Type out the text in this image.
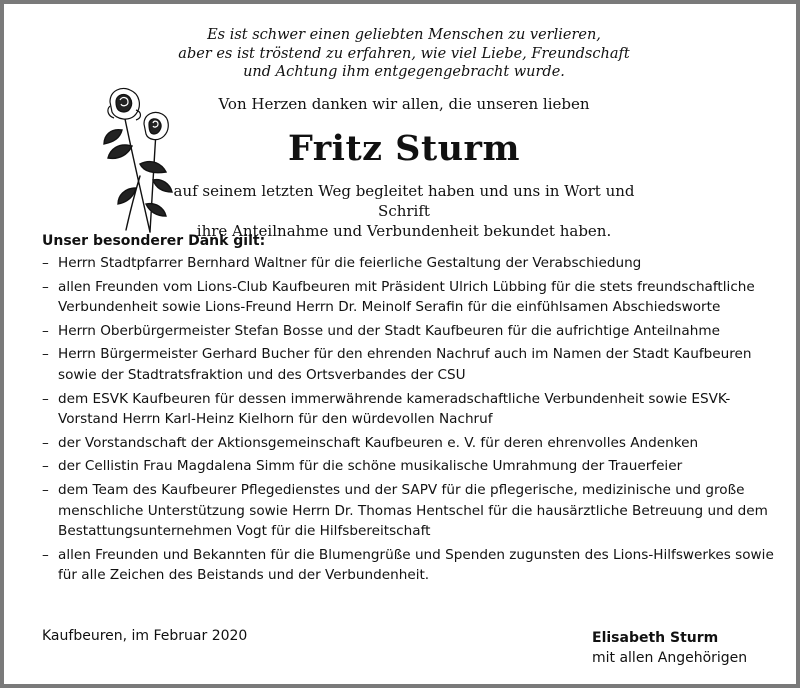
Es ist schwer einen geliebten Menschen zu verlieren,
aber es ist tröstend zu erfahren, wie viel Liebe, Freundschaft
und Achtung ihm entgegengebracht wurde.
Von Herzen danken wir allen, die unseren lieben
Fritz Sturm
auf seinem letzten Weg begleitet haben und uns in Wort und Schrift
ihre Anteilnahme und Verbundenheit bekundet haben.
Unser besonderer Dank gilt:
– Herrn Stadtpfarrer Bernhard Waltner für die feierliche Gestaltung der Verabschiedung
– allen Freunden vom Lions-Club Kaufbeuren mit Präsident Ulrich Lübbing für die stets freundschaftliche Verbundenheit sowie Lions-Freund Herrn Dr. Meinolf Serafin für die einfühlsamen Abschiedsworte
– Herrn Oberbürgermeister Stefan Bosse und der Stadt Kaufbeuren für die aufrichtige Anteilnahme
– Herrn Bürgermeister Gerhard Bucher für den ehrenden Nachruf auch im Namen der Stadt Kaufbeuren sowie der Stadtratsfraktion und des Ortsverbandes der CSU
– dem ESVK Kaufbeuren für dessen immerwährende kameradschaftliche Verbundenheit sowie ESVK-Vorstand Herrn Karl-Heinz Kielhorn für den würdevollen Nachruf
– der Vorstandschaft der Aktionsgemeinschaft Kaufbeuren e. V. für deren ehrenvolles Andenken
– der Cellistin Frau Magdalena Simm für die schöne musikalische Umrahmung der Trauerfeier
– dem Team des Kaufbeurer Pflegedienstes und der SAPV für die pflegerische, medizinische und große menschliche Unterstützung sowie Herrn Dr. Thomas Hentschel für die hausärztliche Betreuung und dem Bestattungsunternehmen Vogt für die Hilfsbereitschaft
– allen Freunden und Bekannten für die Blumengrüße und Spenden zugunsten des Lions-Hilfswerkes sowie für alle Zeichen des Beistands und der Verbundenheit.
Kaufbeuren, im Februar 2020	Elisabeth Sturm
mit allen Angehörigen
